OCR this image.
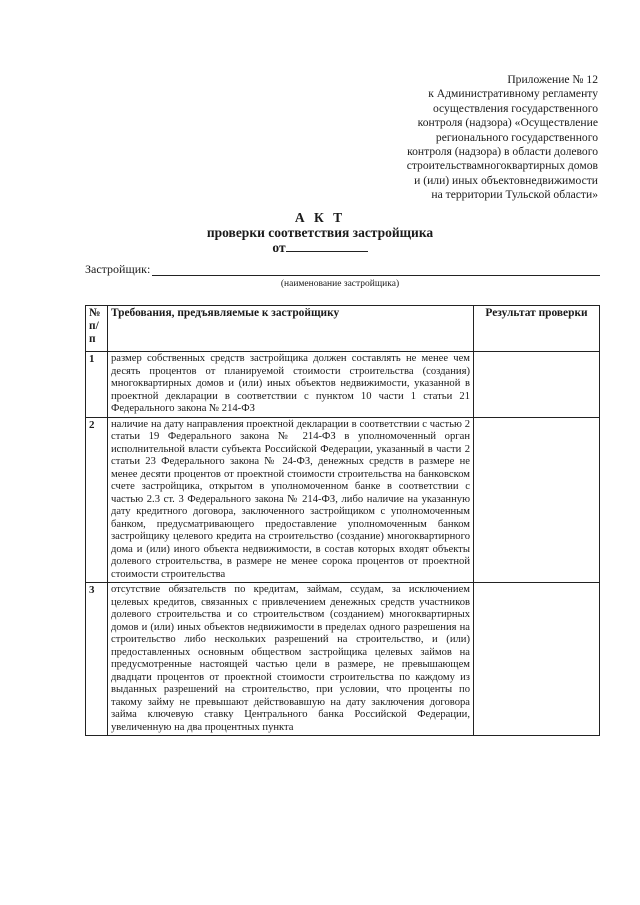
Приложение № 12
к Административному регламенту
осуществления государственного
контроля (надзора) «Осуществление
регионального государственного
контроля (надзора) в области долевого
строительствамногоквартирных домов
и (или) иных объектовнедвижимости
на территории Тульской области»
А К Т
проверки соответствия застройщика
от
Застройщик:
(наименование застройщика)
№ п/п	Требования, предъявляемые к застройщику	Результат проверки
1	размер собственных средств застройщика должен составлять не менее чем десять процентов от планируемой стоимости строительства (создания) многоквартирных домов и (или) иных объектов недвижимости, указанной в проектной декларации в соответствии с пунктом 10 части 1 статьи 21 Федерального закона № 214-ФЗ	
2	наличие на дату направления проектной декларации в соответствии с частью 2 статьи 19 Федерального закона № 214-ФЗ в уполномоченный орган исполнительной власти субъекта Российской Федерации, указанный в части 2 статьи 23 Федерального закона № 24-ФЗ, денежных средств в размере не менее десяти процентов от проектной стоимости строительства на банковском счете застройщика, открытом в уполномоченном банке в соответствии с частью 2.3 ст. 3 Федерального закона № 214-ФЗ, либо наличие на указанную дату кредитного договора, заключенного застройщиком с уполномоченным банком, предусматривающего предоставление уполномоченным банком застройщику целевого кредита на строительство (создание) многоквартирного дома и (или) иного объекта недвижимости, в состав которых входят объекты долевого строительства, в размере не менее сорока процентов от проектной стоимости строительства	
3	отсутствие обязательств по кредитам, займам, ссудам, за исключением целевых кредитов, связанных с привлечением денежных средств участников долевого строительства и со строительством (созданием) многоквартирных домов и (или) иных объектов недвижимости в пределах одного разрешения на строительство либо нескольких разрешений на строительство, и (или) предоставленных основным обществом застройщика целевых займов на предусмотренные настоящей частью цели в размере, не превышающем двадцати процентов от проектной стоимости строительства по каждому из выданных разрешений на строительство, при условии, что проценты по такому займу не превышают действовавшую на дату заключения договора займа ключевую ставку Центрального банка Российской Федерации, увеличенную на два процентных пункта	
